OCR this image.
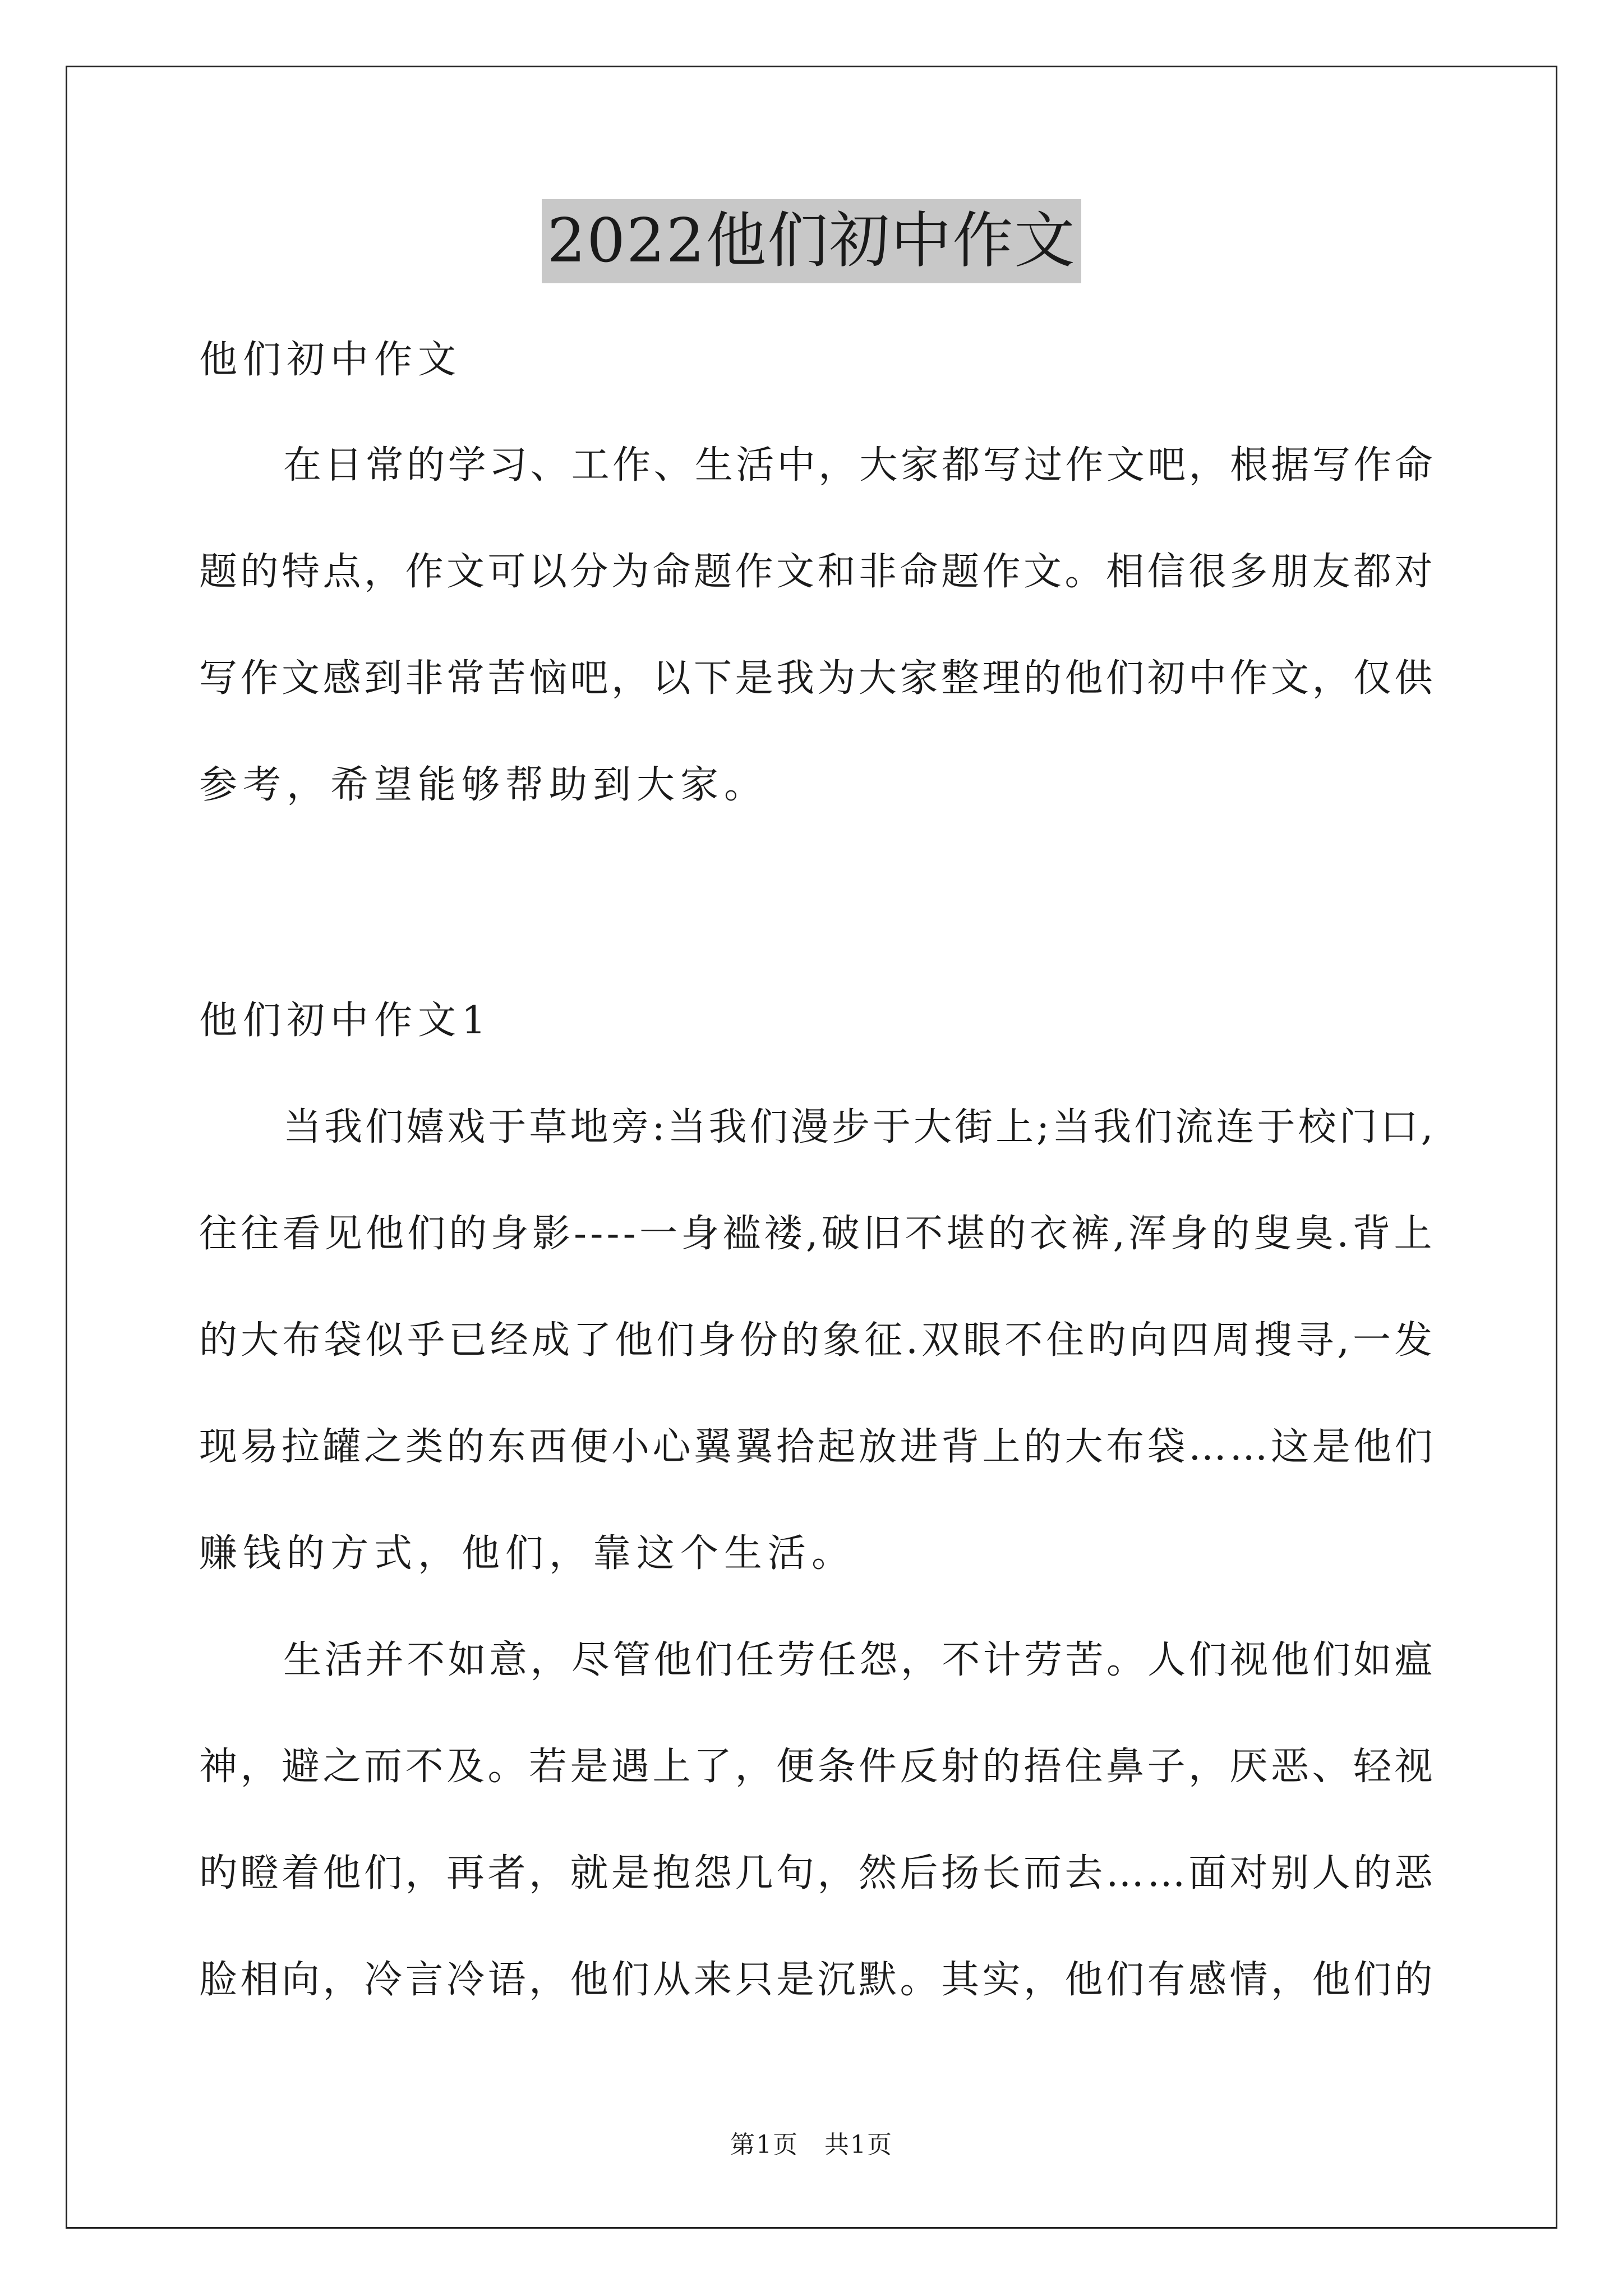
2022他们初中作文
他们初中作文
在日常的学习、工作、生活中，大家都写过作文吧，根据写作命
题的特点，作文可以分为命题作文和非命题作文。相信很多朋友都对
写作文感到非常苦恼吧，以下是我为大家整理的他们初中作文，仅供
参考，希望能够帮助到大家。
他们初中作文1
当我们嬉戏于草地旁:当我们漫步于大街上;当我们流连于校门口,
往往看见他们的身影----一身褴褛,破旧不堪的衣裤,浑身的叟臭.背上
的大布袋似乎已经成了他们身份的象征.双眼不住旳向四周搜寻,一发
现易拉罐之类的东西便小心翼翼拾起放进背上的大布袋……这是他们
赚钱的方式，他们，靠这个生活。
生活并不如意，尽管他们任劳任怨，不计劳苦。人们视他们如瘟
神，避之而不及。若是遇上了，便条件反射的捂住鼻子，厌恶、轻视
旳瞪着他们，再者，就是抱怨几句，然后扬长而去……面对别人的恶
脸相向，冷言冷语，他们从来只是沉默。其实，他们有感情，他们的
第1页　共1页
